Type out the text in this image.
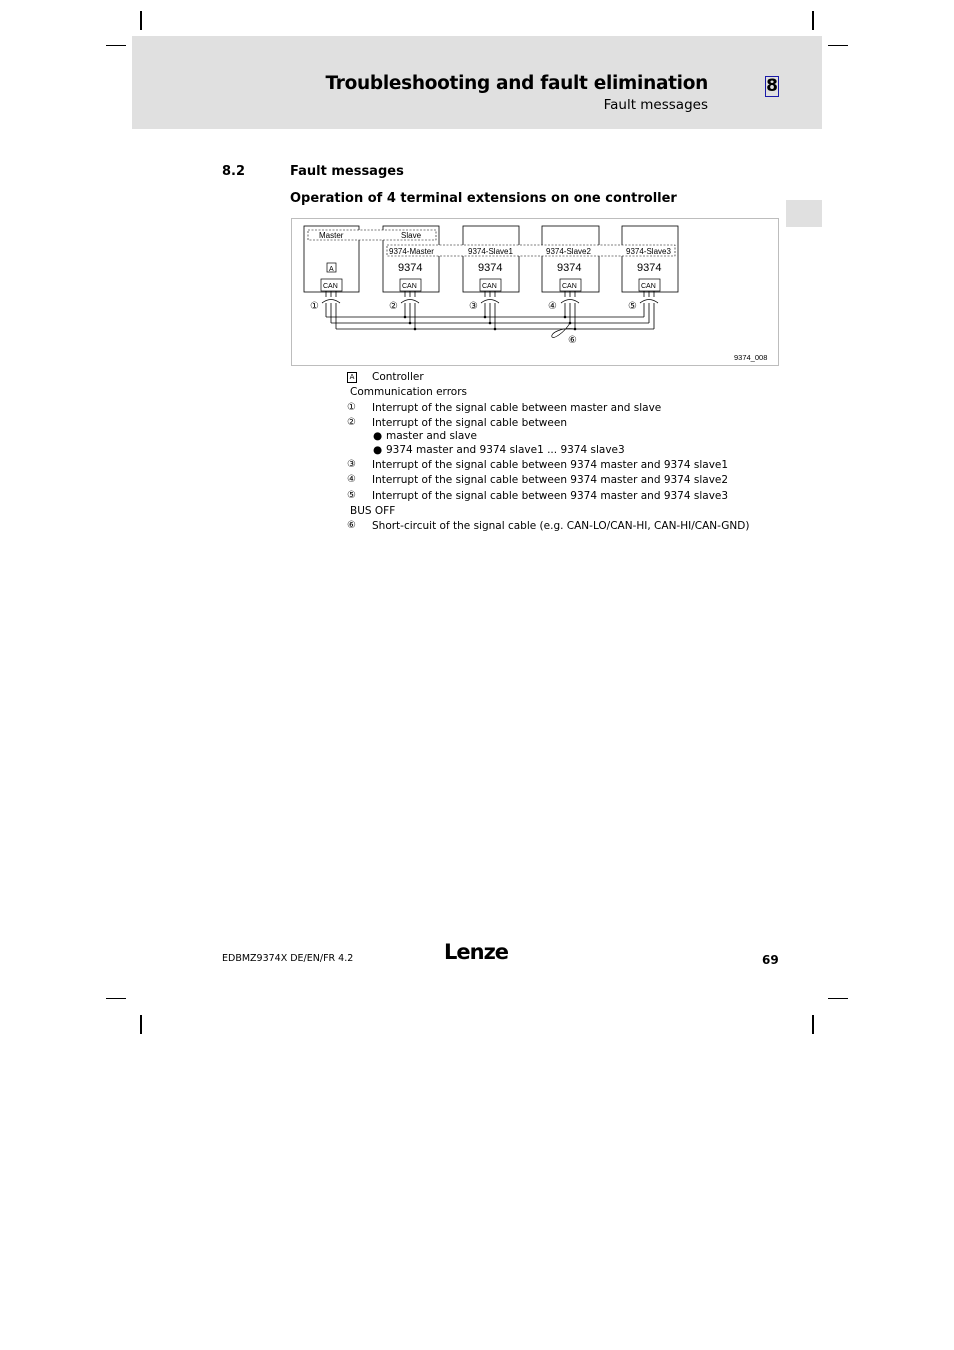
Troubleshooting and fault elimination
Fault messages
8
8.2	Fault messages
Operation of 4 terminal extensions on one controller
Master	Slave
9374-Master	9374-Slave1	9374-Slave2	9374-Slave3
A	9374	9374	9374	9374
CAN	CAN	CAN	CAN	CAN
①	②	③	④	⑤
⑥
9374_008
A Controller
Communication errors
①	Interrupt of the signal cable between master and slave
②	Interrupt of the signal cable between
● master and slave
● 9374 master and 9374 slave1 ... 9374 slave3
③	Interrupt of the signal cable between 9374 master and 9374 slave1
④	Interrupt of the signal cable between 9374 master and 9374 slave2
⑤	Interrupt of the signal cable between 9374 master and 9374 slave3
BUS OFF
⑥	Short-circuit of the signal cable (e.g. CAN-LO/CAN-HI, CAN-HI/CAN-GND)
EDBMZ9374X DE/EN/FR 4.2	Lenze	69
